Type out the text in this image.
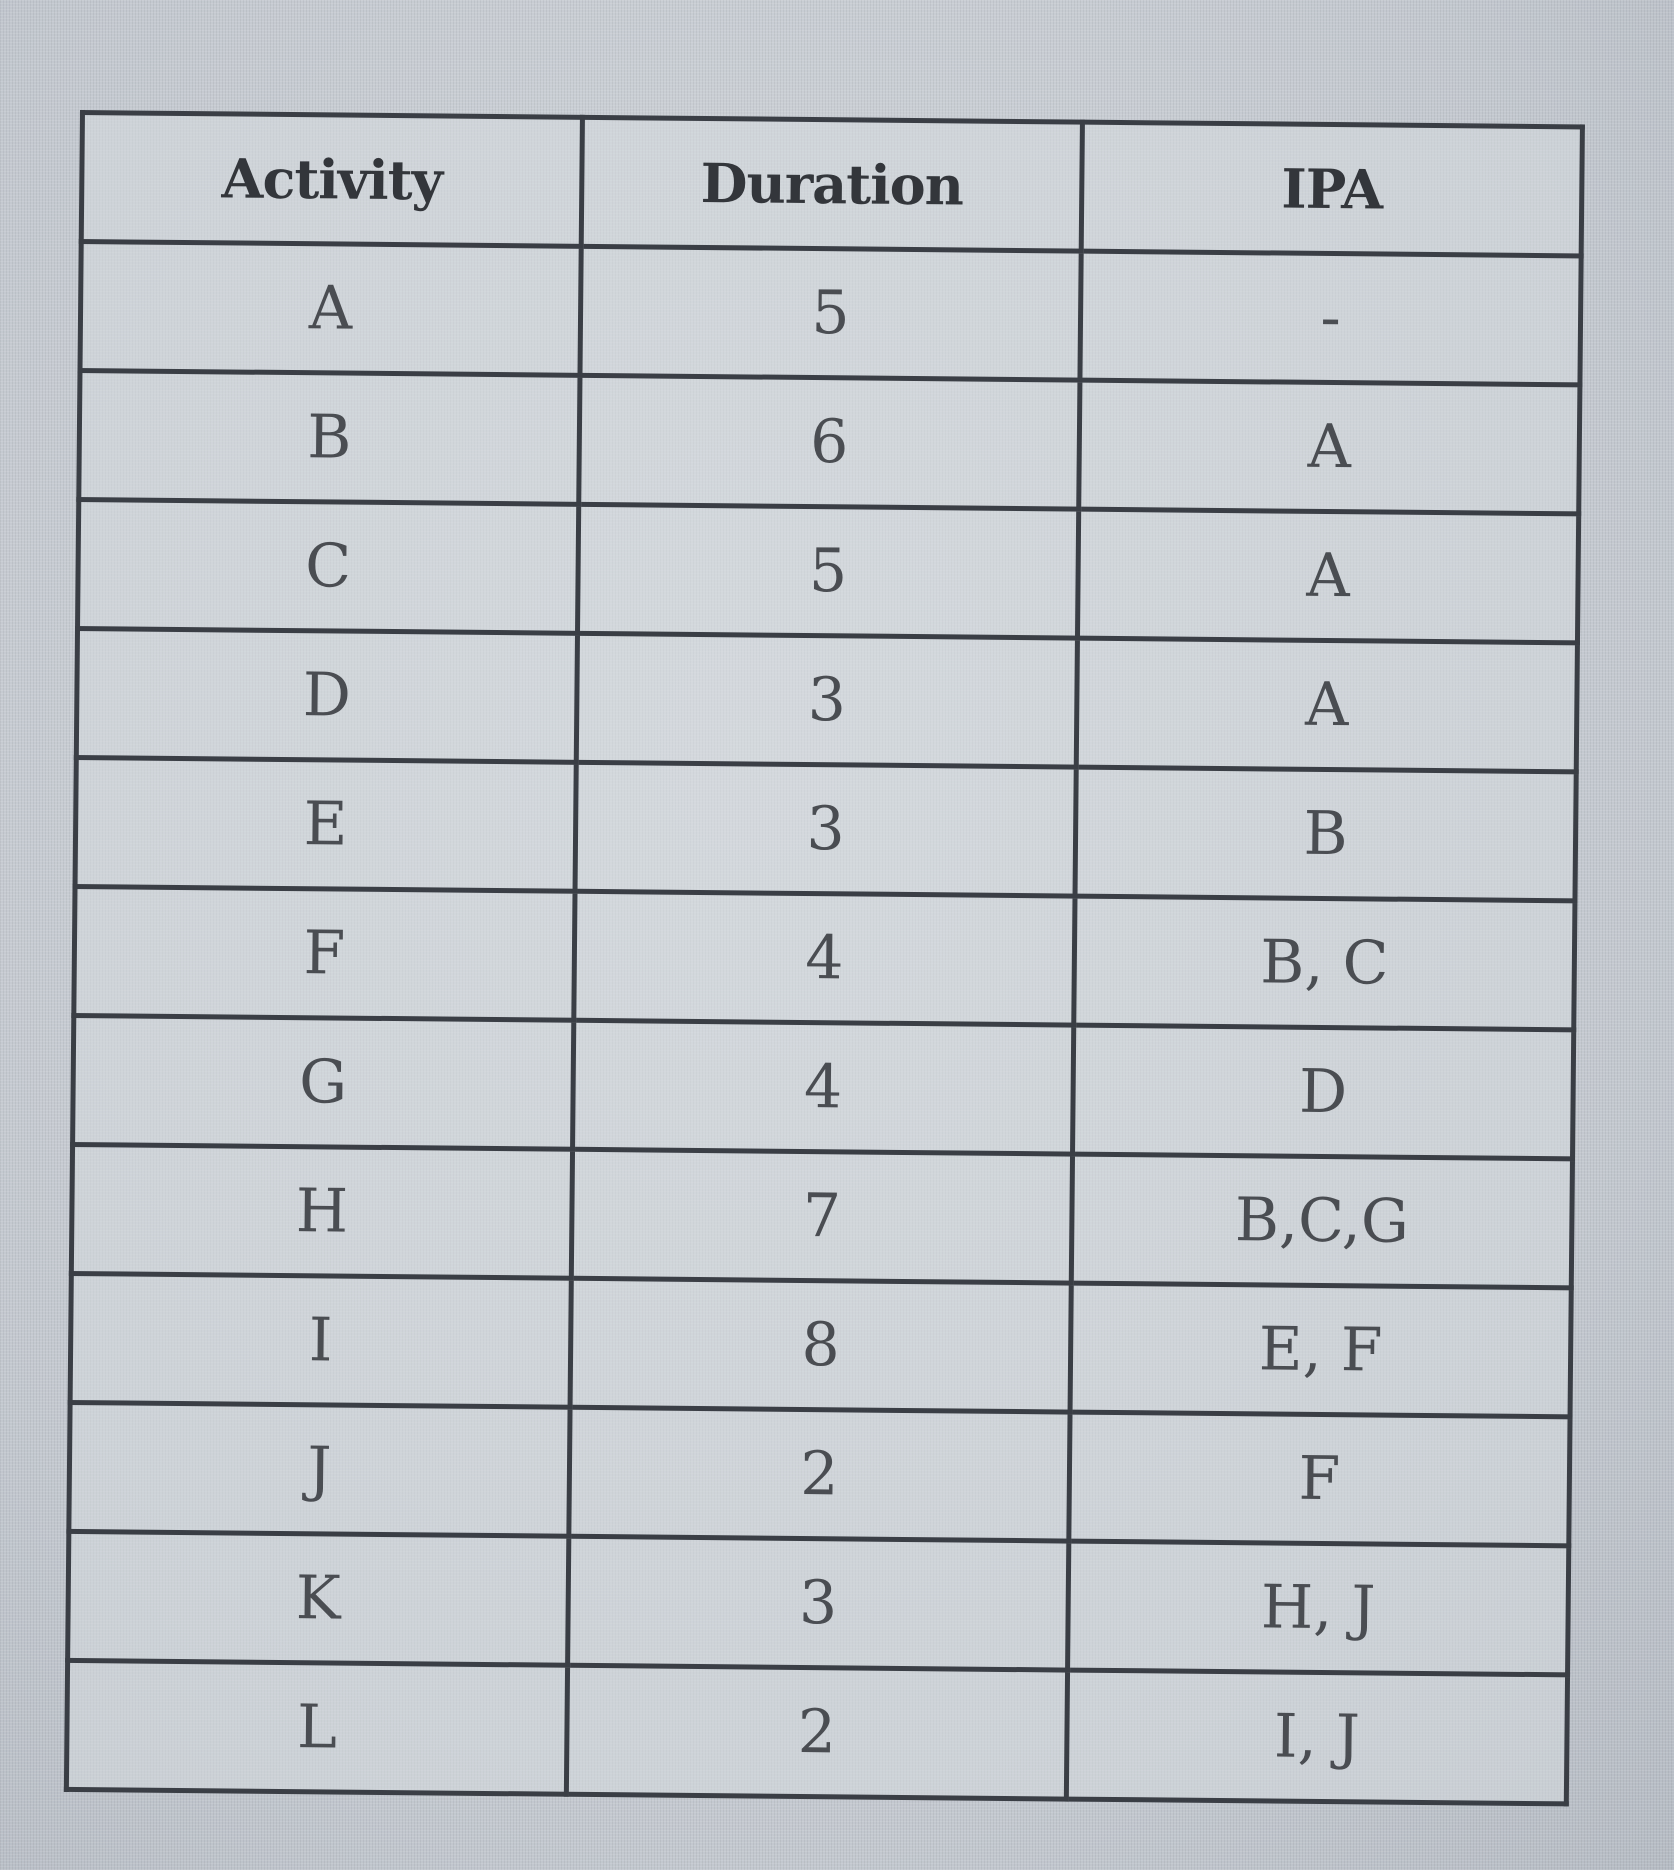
Activity	Duration	IPA
A	5	-
B	6	A
C	5	A
D	3	A
E	3	B
F	4	B, C
G	4	D
H	7	B,C,G
I	8	E, F
J	2	F
K	3	H, J
L	2	I, J
